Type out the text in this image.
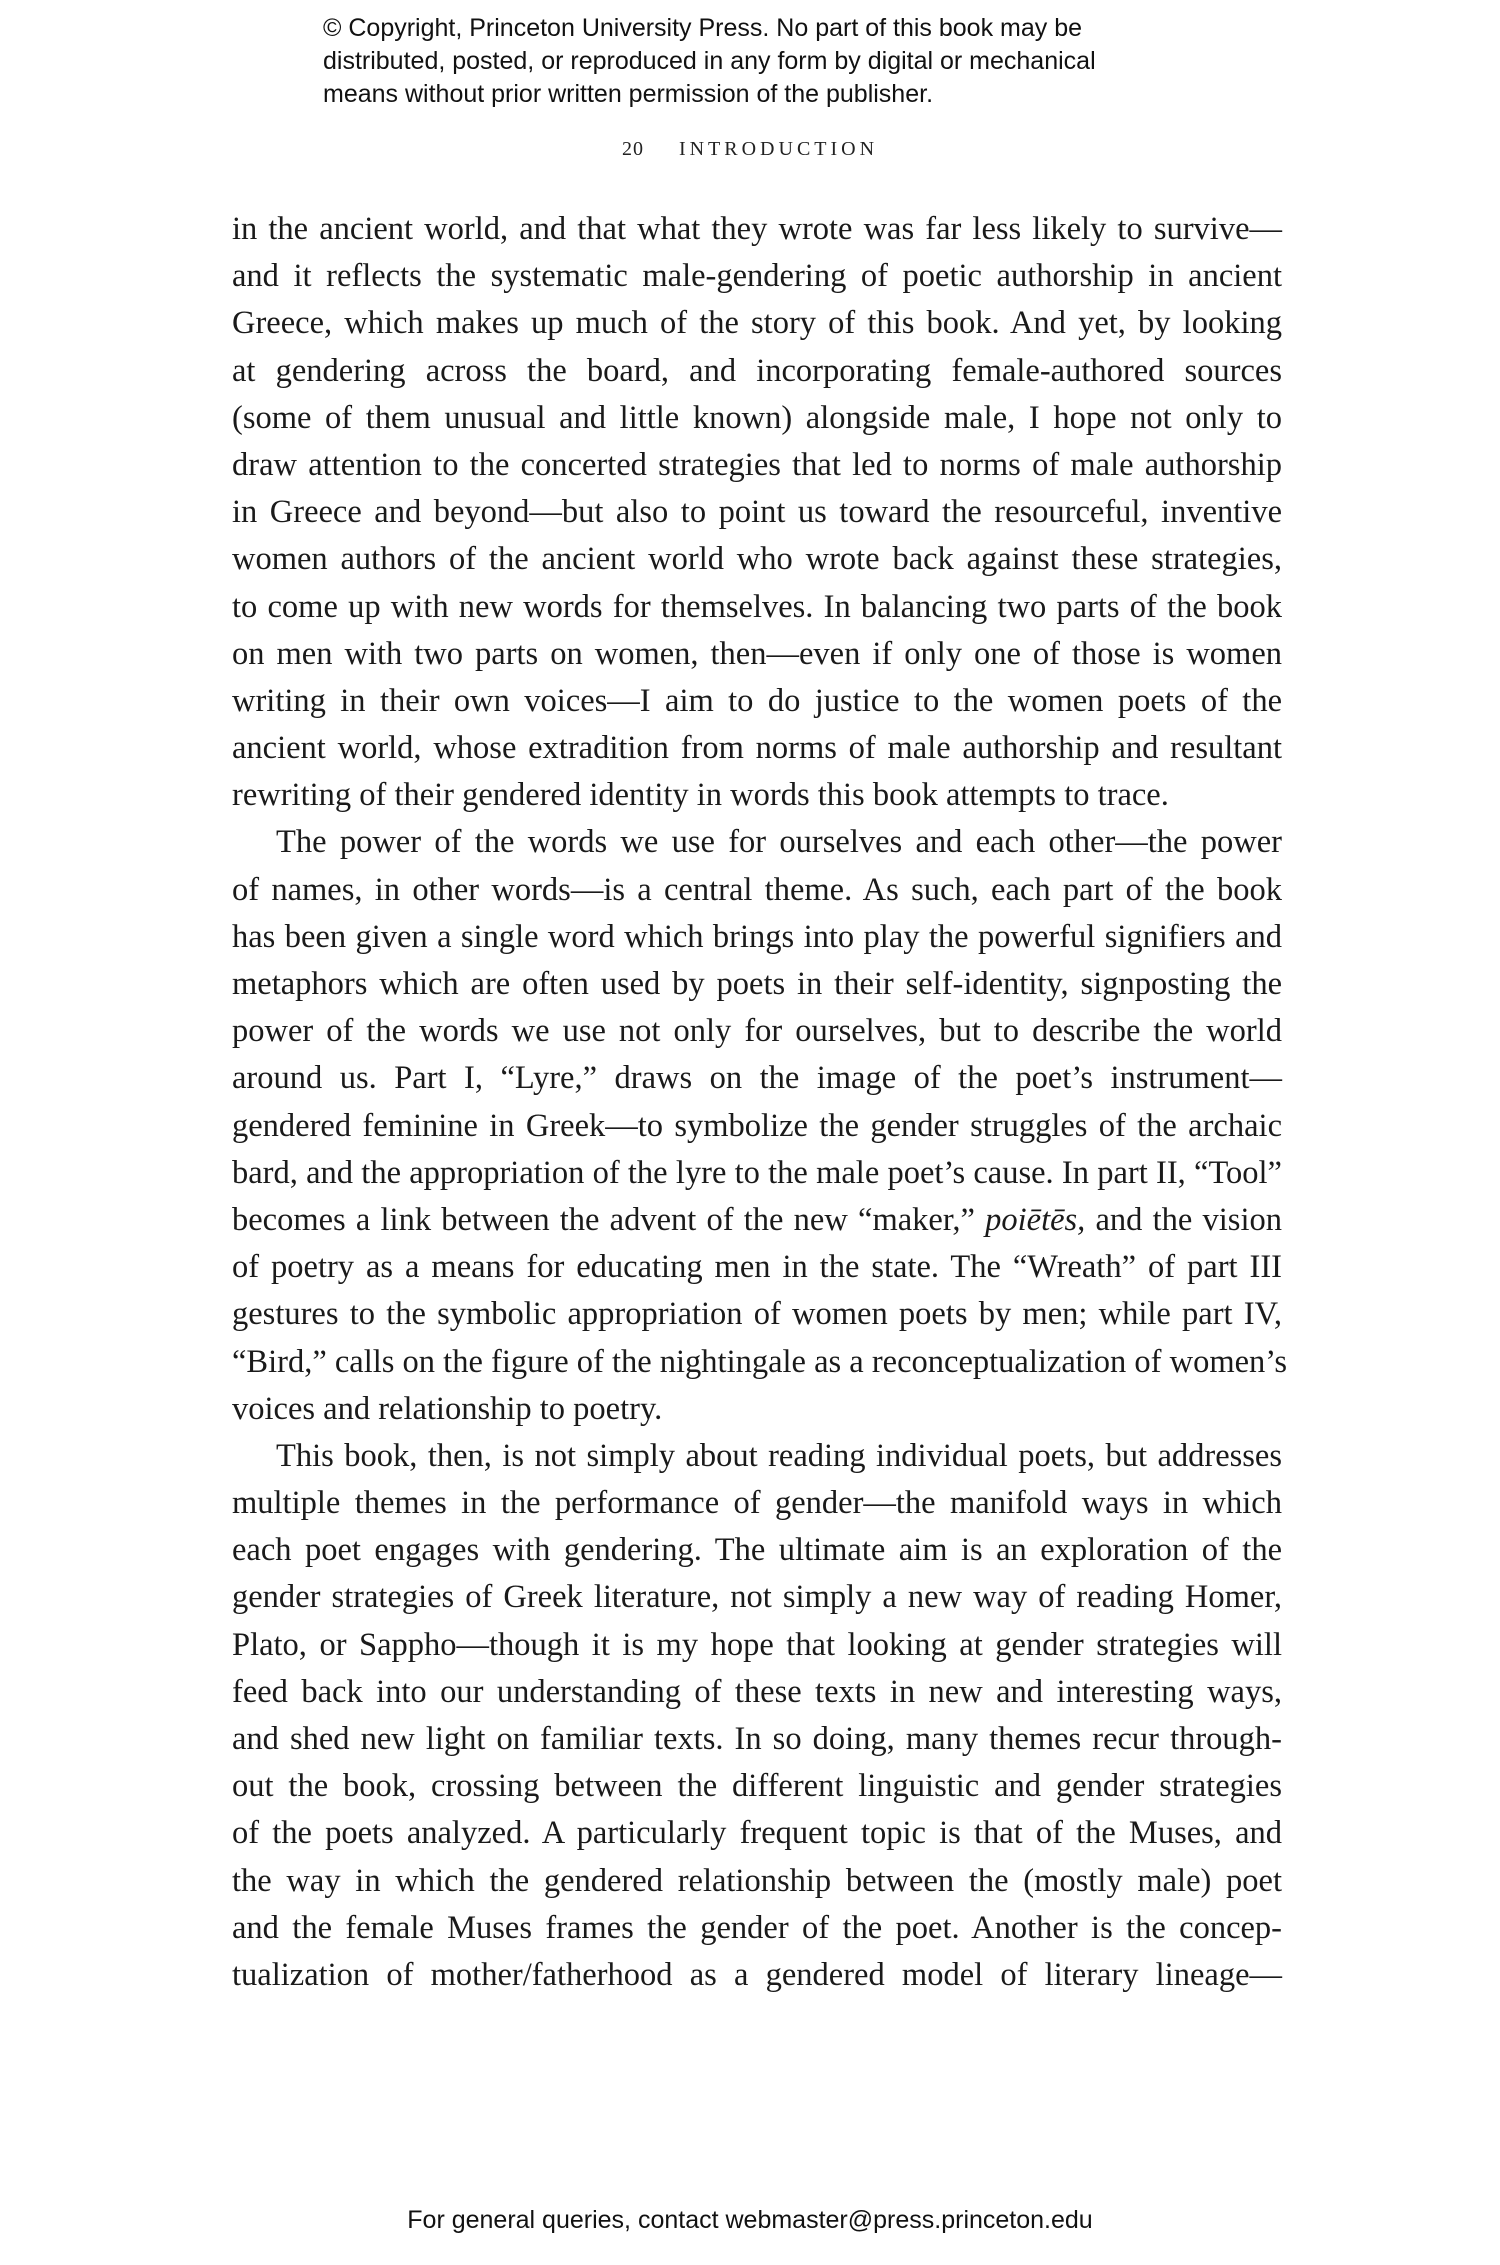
© Copyright, Princeton University Press. No part of this book may be
distributed, posted, or reproduced in any form by digital or mechanical
means without prior written permission of the publisher.
20 INTRODUCTION
in the ancient world, and that what they wrote was far less likely to survive—
and it reflects the systematic male-gendering of poetic authorship in ancient
Greece, which makes up much of the story of this book. And yet, by looking
at gendering across the board, and incorporating female-authored sources
(some of them unusual and little known) alongside male, I hope not only to
draw attention to the concerted strategies that led to norms of male authorship
in Greece and beyond—but also to point us toward the resourceful, inventive
women authors of the ancient world who wrote back against these strategies,
to come up with new words for themselves. In balancing two parts of the book
on men with two parts on women, then—even if only one of those is women
writing in their own voices—I aim to do justice to the women poets of the
ancient world, whose extradition from norms of male authorship and resultant
rewriting of their gendered identity in words this book attempts to trace.
The power of the words we use for ourselves and each other—the power
of names, in other words—is a central theme. As such, each part of the book
has been given a single word which brings into play the powerful signifiers and
metaphors which are often used by poets in their self-identity, signposting the
power of the words we use not only for ourselves, but to describe the world
around us. Part I, “Lyre,” draws on the image of the poet’s instrument—
gendered feminine in Greek—to symbolize the gender struggles of the archaic
bard, and the appropriation of the lyre to the male poet’s cause. In part II, “Tool”
becomes a link between the advent of the new “maker,” poiētēs, and the vision
of poetry as a means for educating men in the state. The “Wreath” of part III
gestures to the symbolic appropriation of women poets by men; while part IV,
“Bird,” calls on the figure of the nightingale as a reconceptualization of women’s
voices and relationship to poetry.
This book, then, is not simply about reading individual poets, but addresses
multiple themes in the performance of gender—the manifold ways in which
each poet engages with gendering. The ultimate aim is an exploration of the
gender strategies of Greek literature, not simply a new way of reading Homer,
Plato, or Sappho—though it is my hope that looking at gender strategies will
feed back into our understanding of these texts in new and interesting ways,
and shed new light on familiar texts. In so doing, many themes recur through-
out the book, crossing between the different linguistic and gender strategies
of the poets analyzed. A particularly frequent topic is that of the Muses, and
the way in which the gendered relationship between the (mostly male) poet
and the female Muses frames the gender of the poet. Another is the concep-
tualization of mother/fatherhood as a gendered model of literary lineage—
For general queries, contact webmaster@press.princeton.edu
